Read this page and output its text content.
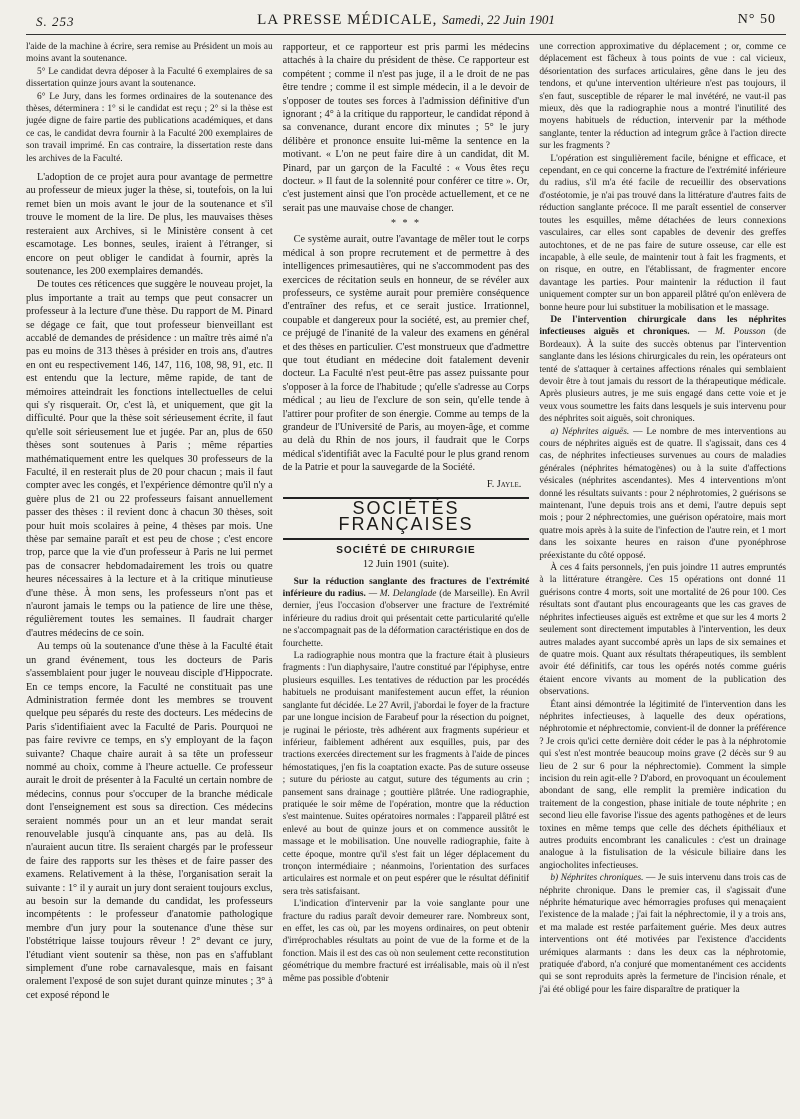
S. 253	LA PRESSE MÉDICALE, Samedi, 22 Juin 1901	N° 50

l'aide de la machine à écrire, sera remise au Président un mois au moins avant la soutenance.

5° Le candidat devra déposer à la Faculté 6 exemplaires de sa dissertation quinze jours avant la soutenance.

6° Le Jury, dans les formes ordinaires de la soutenance des thèses, déterminera : 1° si le candidat est reçu ; 2° si la thèse est jugée digne de faire partie des publications académiques, et dans ce cas, le candidat devra fournir à la Faculté 200 exemplaires de son travail imprimé. En cas contraire, la dissertation reste dans les archives de la Faculté.

L'adoption de ce projet aura pour avantage de permettre au professeur de mieux juger la thèse, si, toutefois, on la lui remet bien un mois avant le jour de la soutenance et s'il trouve le moment de la lire. De plus, les mauvaises thèses resteraient aux Archives, si le Ministère consent à cet escamotage. Les bonnes, seules, iraient à l'étranger, si encore on peut obliger le candidat à fournir, après la soutenance, les 200 exemplaires demandés.

De toutes ces réticences que suggère le nouveau projet, la plus importante a trait au temps que peut consacrer un professeur à la lecture d'une thèse. Du rapport de M. Pinard se dégage ce fait, que tout professeur bienveillant est accablé de demandes de présidence : un maître très aimé n'a pas eu moins de 313 thèses à présider en trois ans, d'autres en ont eu respectivement 146, 147, 116, 108, 98, 91, etc. Il est entendu que la lecture, même rapide, de tant de mémoires atteindrait les fonctions intellectuelles de celui qui s'y risquerait. Or, c'est là, et uniquement, que git la difficulté. Pour que la thèse soit sérieusement écrite, il faut qu'elle soit sérieusement lue et jugée. Par an, plus de 650 thèses sont soutenues à Paris ; même réparties mathématiquement entre les quelques 30 professeurs de la Faculté, il en resterait plus de 20 pour chacun ; mais il faut compter avec les congés, et l'expérience démontre qu'il n'y a guère plus de 21 ou 22 professeurs faisant annuellement passer des thèses : il revient donc à chacun 30 thèses, soit pour huit mois scolaires à peine, 4 thèses par mois. Une thèse par semaine paraît et est peu de chose ; c'est encore trop, parce que la vie d'un professeur à Paris ne lui permet pas de consacrer hebdomadairement les trois ou quatre heures nécessaires à la lecture et à la critique minutieuse d'une thèse. À mon sens, les professeurs n'ont pas et n'auront jamais le temps ou la patience de lire une thèse, régulièrement toutes les semaines. Il faudrait charger d'autres médecins de ce soin.

Au temps où la soutenance d'une thèse à la Faculté était un grand événement, tous les docteurs de Paris s'assemblaient pour juger le nouveau disciple d'Hippocrate. En ce temps encore, la Faculté ne constituait pas une Administration fermée dont les membres se trouvent quelque peu séparés du reste des docteurs. Les médecins de Paris s'identifiaient avec la Faculté de Paris. Pourquoi ne pas faire revivre ce temps, en s'y employant de la façon suivante? Chaque chaire aurait à sa tête un professeur nommé au choix, comme à l'heure actuelle. Ce professeur aurait le droit de présenter à la Faculté un certain nombre de médecins, connus pour s'occuper de la branche médicale dont l'enseignement est sous sa direction. Ces médecins seraient nommés pour un an et leur mandat serait renouvelable jusqu'à cinquante ans, pas au delà. Ils n'auraient aucun titre. Ils seraient chargés par le professeur de faire des rapports sur les thèses et de faire passer des examens. Relativement à la thèse, l'organisation serait la suivante : 1° il y aurait un jury dont seraient toujours exclus, au besoin sur la demande du candidat, les professeurs incompétents : le professeur d'anatomie pathologique membre d'un jury pour la soutenance d'une thèse sur l'obstétrique laisse toujours rêveur ! 2° devant ce jury, l'étudiant vient soutenir sa thèse, non pas en s'affublant simplement d'une robe carnavalesque, mais en faisant oralement l'exposé de son sujet durant quinze minutes ; 3° à cet exposé répond le

rapporteur, et ce rapporteur est pris parmi les médecins attachés à la chaire du président de thèse. Ce rapporteur est compétent ; comme il n'est pas juge, il a le droit de ne pas être tendre ; comme il est simple médecin, il a le devoir de s'opposer de toutes ses forces à l'admission définitive d'un ignorant ; 4° à la critique du rapporteur, le candidat répond à sa convenance, durant encore dix minutes ; 5° le jury délibère et prononce ensuite lui-même la sentence en la motivant. « L'on ne peut faire dire à un candidat, dit M. Pinard, par un garçon de la Faculté : « Vous êtes reçu docteur. » Il faut de la solennité pour conférer ce titre ». Or, c'est justement ainsi que l'on procède actuellement, et ce ne serait pas une mauvaise chose de changer.

* * *

Ce système aurait, outre l'avantage de mêler tout le corps médical à son propre recrutement et de permettre à des intelligences primesautières, qui ne s'accommodent pas des exercices de récitation seuls en honneur, de se révéler aux professeurs, ce système aurait pour première conséquence d'entraîner des refus, et ce serait justice. Irrationnel, coupable et dangereux pour la société, est, au premier chef, ce préjugé de l'inanité de la valeur des examens en général et des thèses en particulier. C'est monstrueux que d'admettre que tout étudiant en médecine doit fatalement devenir docteur. La Faculté n'est peut-être pas assez puissante pour s'opposer à la force de l'habitude ; qu'elle s'adresse au Corps médical ; au lieu de l'exclure de son sein, qu'elle tende à l'attirer pour profiter de son énergie. Comme au temps de la grandeur de l'Université de Paris, au moyen-âge, et comme au delà du Rhin de nos jours, il faudrait que le Corps médical s'identifiât avec la Faculté pour le plus grand renom de la Patrie et pour la sauvegarde de la Société.

F. Jayle.
SOCIÉTÉS FRANÇAISES
SOCIÉTÉ DE CHIRURGIE
12 Juin 1901 (suite).

Sur la réduction sanglante des fractures de l'extrémité inférieure du radius. — M. Delanglade (de Marseille). En Avril dernier, j'eus l'occasion d'observer une fracture de l'extrémité inférieure du radius droit qui présentait cette particularité qu'elle ne s'accompagnait pas de la déformation caractéristique en dos de fourchette.

La radiographie nous montra que la fracture était à plusieurs fragments : l'un diaphysaire, l'autre constitué par l'épiphyse, entre plusieurs esquilles. Les tentatives de réduction par les procédés habituels ne produisant manifestement aucun effet, la réunion sanglante fut décidée. Le 27 Avril, j'abordai le foyer de la fracture par une longue incision de Farabeuf pour la résection du poignet, je ruginai le périoste, très adhérent aux fragments supérieur et inférieur, faiblement adhérent aux esquilles, puis, par des tractions exercées directement sur les fragments à l'aide de pinces hémostatiques, j'en fis la coaptation exacte. Pas de suture osseuse ; suture du périoste au catgut, suture des téguments au crin ; pansement sans drainage ; gouttière plâtrée. Une radiographie, pratiquée le soir même de l'opération, montre que la réduction s'est maintenue. Suites opératoires normales : l'appareil plâtré est enlevé au bout de quinze jours et on commence aussitôt le massage et le mobilisation. Une nouvelle radiographie, faite à cette époque, montre qu'il s'est fait un léger déplacement du tronçon intermédiaire ; néanmoins, l'orientation des surfaces articulaires est normale et on peut espérer que le résultat définitif sera très satisfaisant.

L'indication d'intervenir par la voie sanglante pour une fracture du radius paraît devoir demeurer rare. Nombreux sont, en effet, les cas où, par les moyens ordinaires, on peut obtenir d'irréprochables résultats au point de vue de la forme et de la fonction. Mais il est des cas où non seulement cette reconstitution géométrique du membre fracturé est irréalisable, mais où il n'est même pas possible d'obtenir

une correction approximative du déplacement ; or, comme ce déplacement est fâcheux à tous points de vue : cal vicieux, désorientation des surfaces articulaires, gêne dans le jeu des tendons, et qu'une intervention ultérieure n'est pas toujours, il s'en faut, susceptible de réparer le mal invétéré, ne vaut-il pas mieux, dès que la radiographie nous a montré l'inutilité des moyens habituels de réduction, intervenir par la méthode sanglante, tenter la réduction ad integrum grâce à l'action directe sur les fragments ?

L'opération est singulièrement facile, bénigne et efficace, et cependant, en ce qui concerne la fracture de l'extrémité inférieure du radius, s'il m'a été facile de recueillir des observations d'ostéotomie, je n'ai pas trouvé dans la littérature d'autres faits de réduction sanglante précoce. Il me paraît essentiel de conserver toutes les esquilles, même détachées de leurs connexions vasculaires, car elles sont capables de devenir des greffes autochtones, et de ne pas faire de suture osseuse, car elle est incapable, à elle seule, de maintenir tout à fait les fragments, et on risque, en outre, en l'établissant, de fragmenter encore davantage les parties. Pour maintenir la réduction il faut uniquement compter sur un bon appareil plâtré qu'on enlèvera de bonne heure pour lui substituer la mobilisation et le massage.

De l'intervention chirurgicale dans les néphrites infectieuses aiguës et chroniques. — M. Pousson (de Bordeaux). À la suite des succès obtenus par l'intervention sanglante dans les lésions chirurgicales du rein, les opérateurs ont tenté de s'attaquer à certaines affections rénales qui semblaient devoir être à tout jamais du ressort de la thérapeutique médicale. Après plusieurs autres, je me suis engagé dans cette voie et je veux vous soumettre les faits dans lesquels je suis intervenu pour des néphrites soit aiguës, soit chroniques.

a) Néphrites aiguës. — Le nombre de mes interventions au cours de néphrites aiguës est de quatre. Il s'agissait, dans ces 4 cas, de néphrites infectieuses survenues au cours de maladies générales (néphrites hématogènes) ou à la suite d'affections vésicales (néphrites ascendantes). Mes 4 interventions m'ont donné les résultats suivants : pour 2 néphrotomies, 2 guérisons se maintenant, l'une depuis trois ans et demi, l'autre depuis sept mois ; pour 2 néphrectomies, une guérison opératoire, mais mort quatre mois après à la suite de l'infection de l'autre rein, et 1 mort dans les soixante heures en raison d'une pyonéphrose préexistante du côté opposé.

À ces 4 faits personnels, j'en puis joindre 11 autres empruntés à la littérature étrangère. Ces 15 opérations ont donné 11 guérisons contre 4 morts, soit une mortalité de 26 pour 100. Ces résultats sont d'autant plus encourageants que les cas graves de néphrites infectieuses aiguës est extrême et que sur les 4 morts 2 seulement sont directement imputables à l'intervention, les deux autres malades ayant succombé après un laps de six semaines et de quatre mois. Quant aux résultats thérapeutiques, ils semblent avoir été définitifs, car tous les opérés notés comme guéris étaient encore vivants au moment de la publication des observations.

Étant ainsi démontrée la légitimité de l'intervention dans les néphrites infectieuses, à laquelle des deux opérations, néphrotomie et néphrectomie, convient-il de donner la préférence ? Je crois qu'ici cette dernière doit céder le pas à la néphrotomie qui s'est n'est montrée beaucoup moins grave (2 décès sur 9 au lieu de 2 sur 6 pour la néphrectomie). Comment la simple incision du rein agit-elle ? D'abord, en provoquant un écoulement abondant de sang, elle remplit la première indication du traitement de la congestion, phase initiale de toute néphrite ; en second lieu elle favorise l'issue des agents pathogènes et de leurs toxines en même temps que celle des déchets épithéliaux et autres produits encombrant les canalicules : c'est un drainage analogue à la fistulisation de la vésicule biliaire dans les angiocholites infectieuses.

b) Néphrites chroniques. — Je suis intervenu dans trois cas de néphrite chronique. Dans le premier cas, il s'agissait d'une néphrite hématurique avec hémorragies profuses qui menaçaient l'existence de la malade ; j'ai fait la néphrectomie, il y a trois ans, et ma malade est restée parfaitement guérie. Mes deux autres interventions ont été motivées par l'existence d'accidents urémiques alarmants : dans les deux cas la néphrotomie, pratiquée d'abord, n'a conjuré que momentanément ces accidents qui se sont reproduits après la fermeture de l'incision rénale, et j'ai été obligé pour les faire disparaître de pratiquer la
